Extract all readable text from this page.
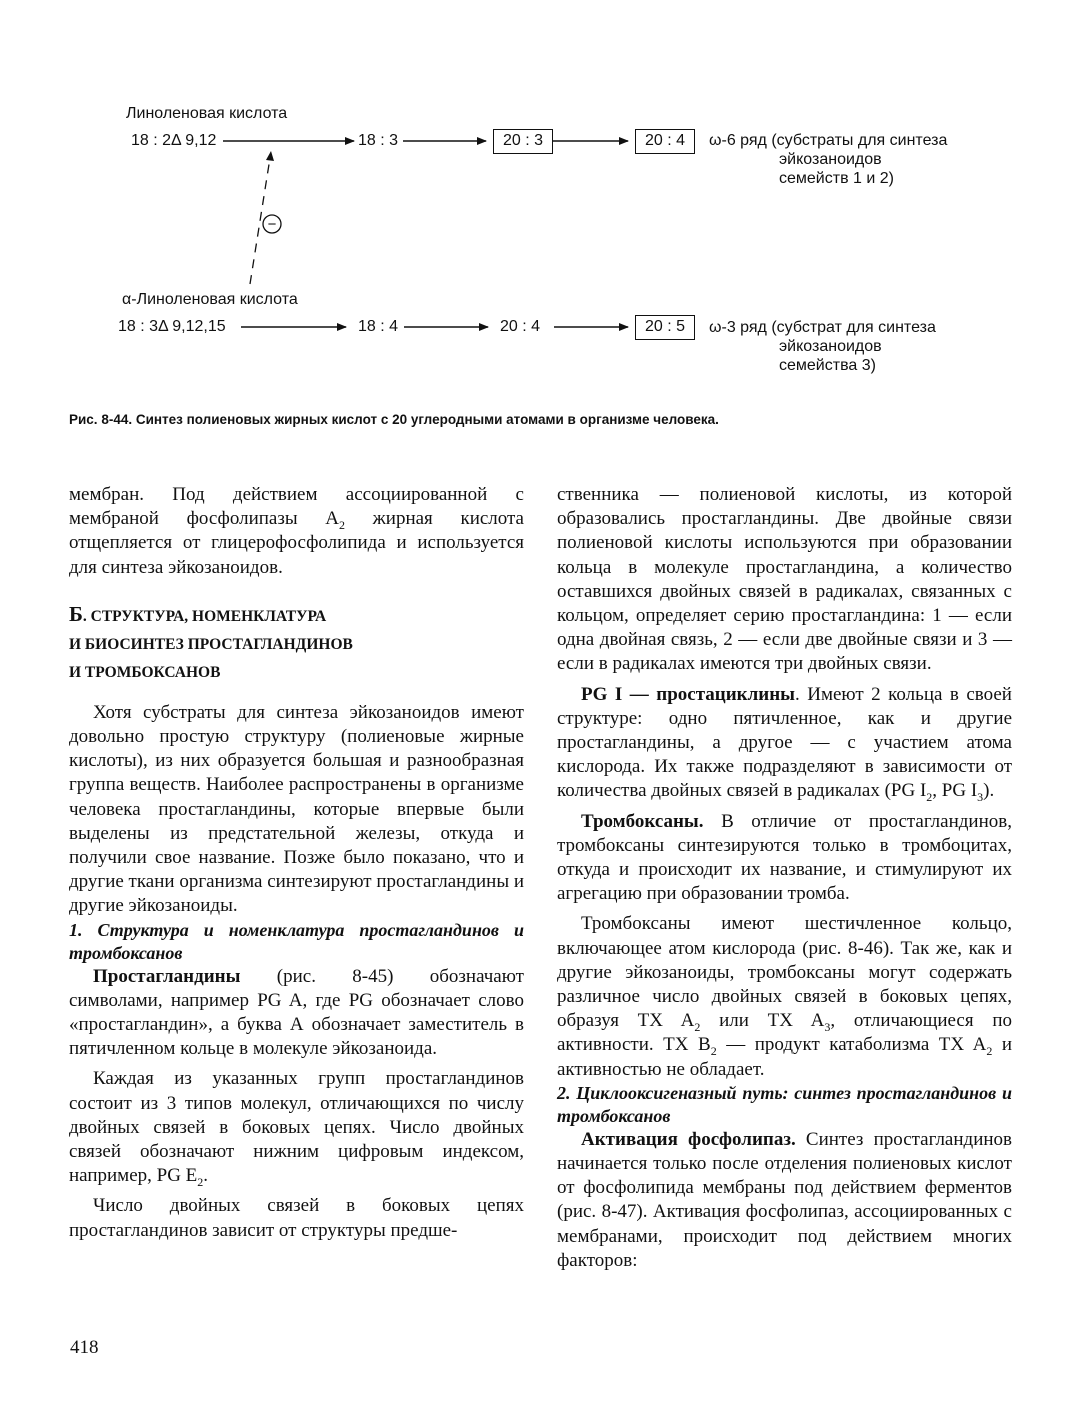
−
Линоленовая кислота
18 : 2Δ 9,12	18 : 3	20 : 3	20 : 4	ω-6 ряд (субстраты для синтеза
эйкозаноидов
семейств 1 и 2)
α-Линоленовая кислота
18 : 3Δ 9,12,15	18 : 4	20 : 4	20 : 5	ω-3 ряд (субстрат для синтеза
эйкозаноидов
семейства 3)
Рис. 8-44. Синтез полиеновых жирных кислот с 20 углеродными атомами в организме человека.

мембран. Под действием ассоциированной с мембраной фосфолипазы $A_2$ жирная кислота отщепляется от глицерофосфолипида и используется для синтеза эйкозаноидов.

Б. СТРУКТУРА, НОМЕНКЛАТУРА
И БИОСИНТЕЗ ПРОСТАГЛАНДИНОВ
И ТРОМБОКСАНОВ

Хотя субстраты для синтеза эйкозаноидов имеют довольно простую структуру (полиеновые жирные кислоты), из них образуется большая и разнообразная группа веществ. Наиболее распространены в организме человека простагландины, которые впервые были выделены из предстательной железы, откуда и получили свое название. Позже было показано, что и другие ткани организма синтезируют простагландины и другие эйкозаноиды.

1. Структура и номенклатура простагландинов и тромбоксанов

Простагландины (рис. 8-45) обозначают символами, например PG A, где PG обозначает слово «простагландин», а буква А обозначает заместитель в пятичленном кольце в молекуле эйкозаноида.

Каждая из указанных групп простагландинов состоит из 3 типов молекул, отличающихся по числу двойных связей в боковых цепях. Число двойных связей обозначают нижним цифровым индексом, например, PG $E_2$.

Число двойных связей в боковых цепях простагландинов зависит от структуры предше-

ственника — полиеновой кислоты, из которой образовались простагландины. Две двойные связи полиеновой кислоты используются при образовании кольца в молекуле простагландина, а количество оставшихся двойных связей в радикалах, связанных с кольцом, определяет серию простагландина: 1 — если одна двойная связь, 2 — если две двойные связи и 3 — если в радикалах имеются три двойных связи.

PG I — простациклины. Имеют 2 кольца в своей структуре: одно пятичленное, как и другие простагландины, а другое — с участием атома кислорода. Их также подразделяют в зависимости от количества двойных связей в радикалах (PG $I_2$, PG $I_3$).

Тромбоксаны. В отличие от простагландинов, тромбоксаны синтезируются только в тромбоцитах, откуда и происходит их название, и стимулируют их агрегацию при образовании тромба.

Тромбоксаны имеют шестичленное кольцо, включающее атом кислорода (рис. 8-46). Так же, как и другие эйкозаноиды, тромбоксаны могут содержать различное число двойных связей в боковых цепях, образуя TX $A_2$ или TX $A_3$, отличающиеся по активности. TX $B_2$ — продукт катаболизма TX $A_2$ и активностью не обладает.

2. Циклооксигеназный путь: синтез простагландинов и тромбоксанов

Активация фосфолипаз. Синтез простагландинов начинается только после отделения полиеновых кислот от фосфолипида мембраны под действием ферментов (рис. 8-47). Активация фосфолипаз, ассоциированных с мембранами, происходит под действием многих факторов:

418
